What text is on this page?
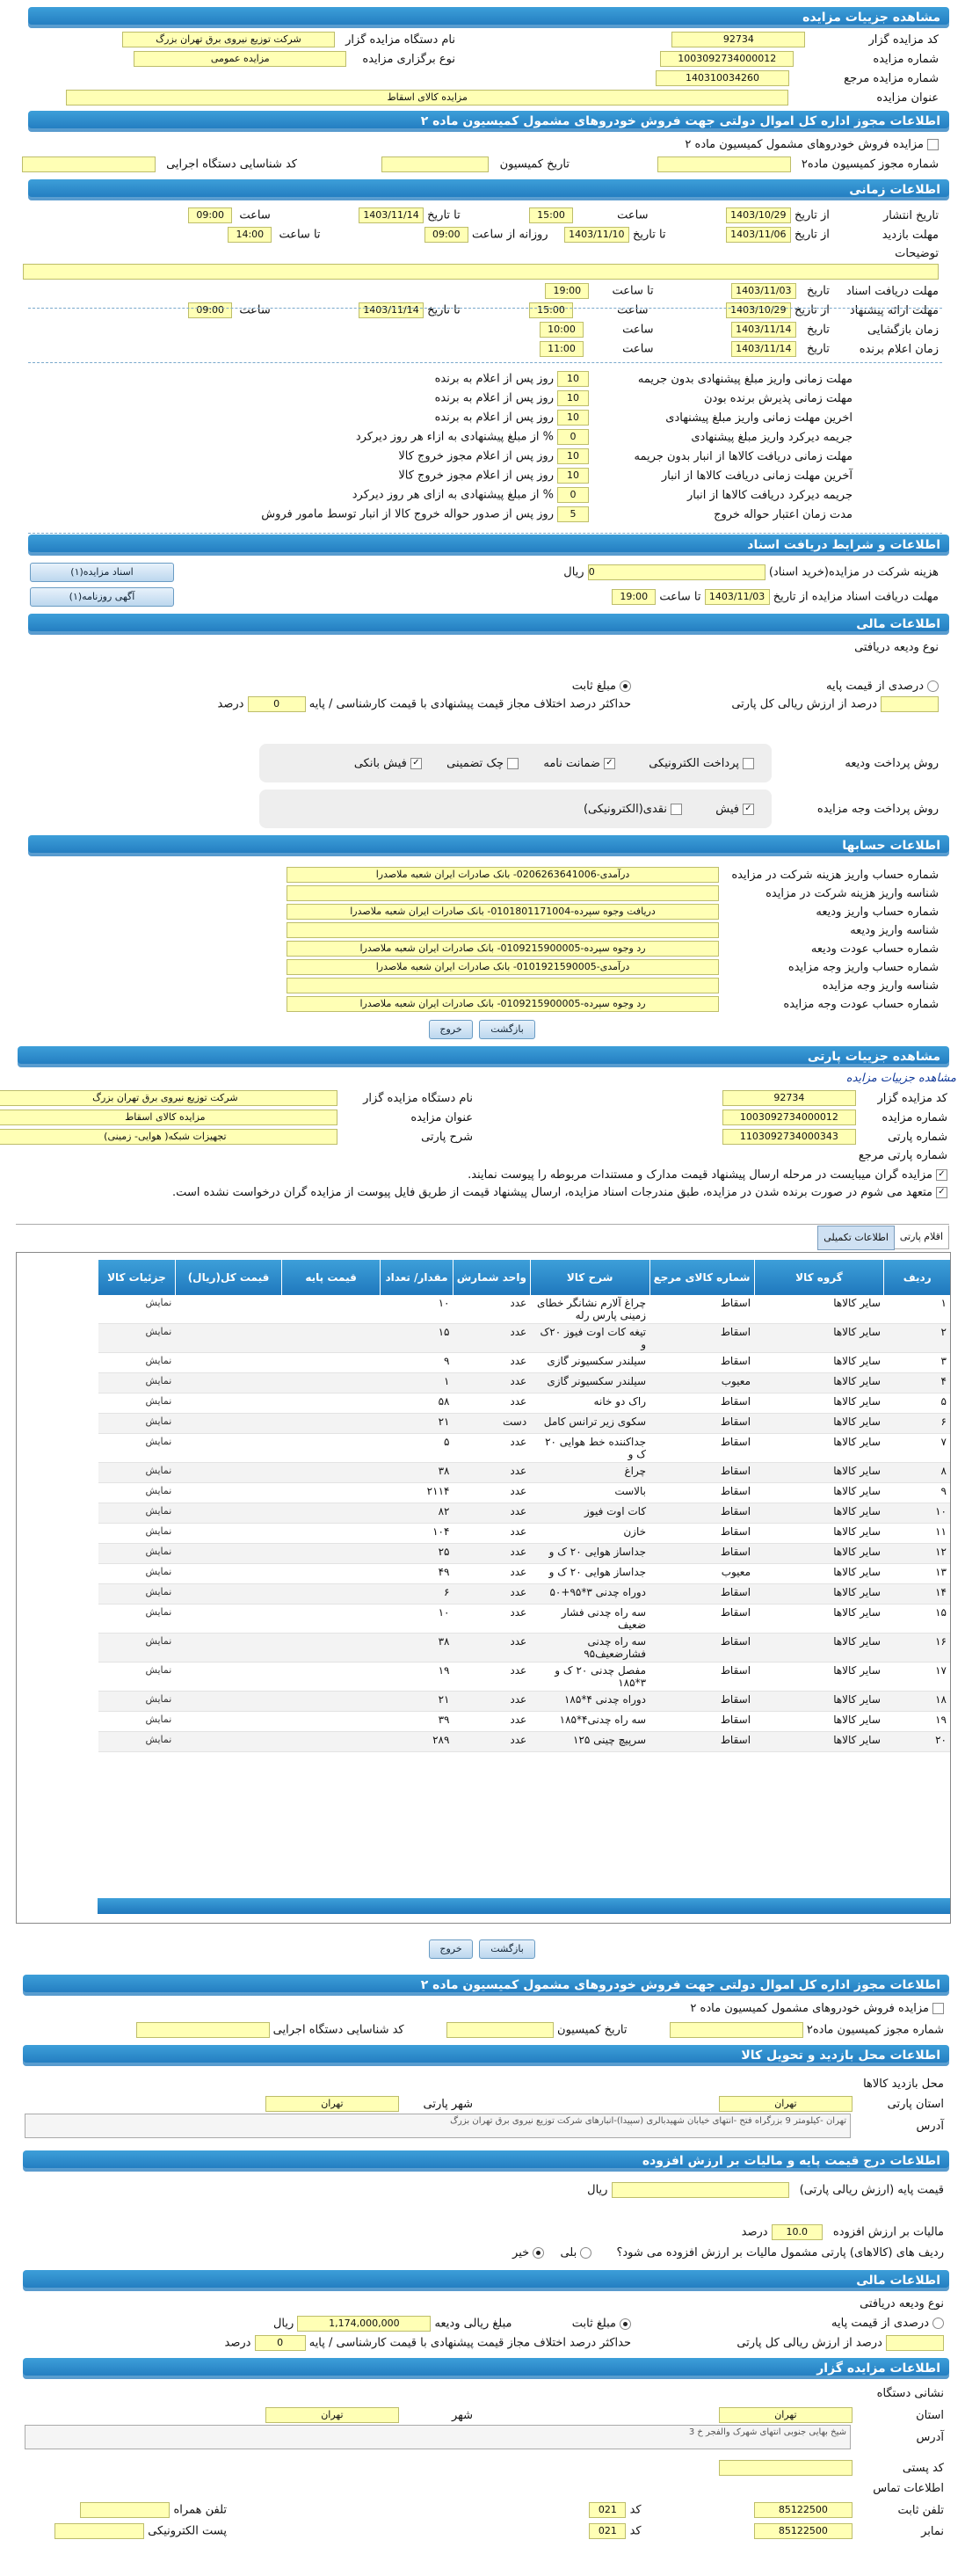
مشاهده جزییات مزایده
کد مزایده گزار 92734
نام دستگاه مزایده گزار شرکت توزیع نیروی برق تهران بزرگ
شماره مزایده 1003092734000012
نوع برگزاری مزایده مزایده عمومی
شماره مزایده مرجع 140310034260
عنوان مزایده مزایده کالای اسقاط
اطلاعات مجوز اداره کل اموال دولتی جهت فروش خودروهای مشمول کمیسیون ماده ۲
مزایده فروش خودروهای مشمول کمیسیون ماده ۲
شماره مجوز کمیسیون ماده۲
تاریخ کمیسیون
کد شناسایی دستگاه اجرایی
اطلاعات زمانی
تاریخ انتشار از تاریخ 1403/10/29  ساعت 15:00  تا تاریخ 1403/11/14  ساعت 09:00
مهلت بازدید از تاریخ 1403/11/06  تا تاریخ 1403/11/10  روزانه از ساعت 09:00  تا ساعت 14:00
توضیحات
مهلت دریافت اسناد تاریخ 1403/11/03  تا ساعت 19:00
مهلت ارائه پیشنهاد از تاریخ 1403/10/29  ساعت 15:00  تا تاریخ 1403/11/14  ساعت 09:00
زمان بازگشایی تاریخ 1403/11/14  ساعت 10:00
زمان اعلام برنده تاریخ 1403/11/14  ساعت 11:00
مهلت زمانی واریز مبلغ پیشنهادی بدون جریمه10روز پس از اعلام به برنده
مهلت زمانی پذیرش برنده بودن10روز پس از اعلام به برنده
اخرین مهلت زمانی واریز مبلغ پیشنهادی10روز پس از اعلام به برنده
جریمه دیرکرد واریز مبلغ پیشنهادی0% از مبلغ پیشنهادی به ازاء هر روز دیرکرد
مهلت زمانی دریافت کالاها از انبار بدون جریمه10روز پس از اعلام مجوز خروج کالا
آخرین مهلت زمانی دریافت کالاها از انبار10روز پس از اعلام مجوز خروج کالا
جریمه دیرکرد دریافت کالاها از انبار0% از مبلغ پیشنهادی به ازای هر روز دیرکرد
مدت زمان اعتبار حواله خروج5روز پس از صدور حواله خروج کالا از انبار توسط مامور فروش
اطلاعات و شرایط دریافت اسناد
هزینه شرکت در مزایده(خرید اسناد) 0 ریال
مهلت دریافت اسناد مزایده از تاریخ 1403/11/03 تا ساعت 19:00
اسناد مزایده(۱)
آگهی روزنامه(۱)
اطلاعات مالی
نوع ودیعه دریافتی
درصدی از قیمت پایه
درصد از ارزش ریالی کل پارتی
مبلغ ثابت
حداکثر درصد اختلاف مجاز قیمت پیشنهادی با قیمت کارشناسی / پایه 0 درصد
روش پرداخت ودیعه
پرداخت الکترونیکی  ✓ضمانت نامه  چک تضمینی  ✓فیش بانکی
روش پرداخت وجه مزایده
✓فیش  نقدی(الکترونیکی)
اطلاعات حسابها
شماره حساب واریز هزینه شرکت در مزایدهدرآمدی-0206263641006- بانک صادرات ایران شعبه ملاصدرا
شناسه واریز هزینه شرکت در مزایده
شماره حساب واریز ودیعهدریافت وجوه سپرده-0101801171004- بانک صادرات ایران شعبه ملاصدرا
شناسه واریز ودیعه
شماره حساب عودت ودیعهرد وجوه سپرده-0109215900005- بانک صادرات ایران شعبه ملاصدرا
شماره حساب واریز وجه مزایدهدرآمدی-0101921590005- بانک صادرات ایران شعبه ملاصدرا
شناسه واریز وجه مزایده
شماره حساب عودت وجه مزایدهرد وجوه سپرده-0109215900005- بانک صادرات ایران شعبه ملاصدرا
بازگشت
خروج
مشاهده جزییات پارتی
مشاهده جزییات مزایده
کد مزایده گزار 92734
نام دستگاه مزایده گزار شرکت توزیع نیروی برق تهران بزرگ
شماره مزایده 1003092734000012
عنوان مزایده مزایده کالای اسقاط
شماره پارتی 1103092734000343
شرح پارتی تجهیزات شبکه( هوایی- زمینی)
شماره پارتی مرجع
✓مزایده گران میبایست در مرحله ارسال پیشنهاد قیمت مدارک و مستندات مربوطه را پیوست نمایند.
✓متعهد می شوم در صورت برنده شدن در مزایده، طبق مندرجات اسناد مزایده، ارسال پیشنهاد قیمت از طریق فایل پیوست از مزایده گران درخواست نشده است.
اقلام پارتی
اطلاعات تکمیلی
ردیف	گروه کالا	شماره کالای مرجع	شرح کالا	واحد شمارش	مقدار/ تعداد	قیمت پایه	قیمت کل(ریال)	جزئیات کالا
۱	سایر کالاها	اسقاط	چراغ آلارم نشانگر خطای زمینی پارس رله	عدد	۱۰			نمایش
۲	سایر کالاها	اسقاط	تیغه کات اوت فیوز ۲۰ک و	عدد	۱۵			نمایش
۳	سایر کالاها	اسقاط	سیلندر سکسیونر گازی	عدد	۹			نمایش
۴	سایر کالاها	معیوب	سیلندر سکسیونر گازی	عدد	۱			نمایش
۵	سایر کالاها	اسقاط	راک دو خانه	عدد	۵۸			نمایش
۶	سایر کالاها	اسقاط	سکوی زیر ترانس کامل	دست	۲۱			نمایش
۷	سایر کالاها	اسقاط	جداکننده خط هوایی ۲۰ ک و	عدد	۵			نمایش
۸	سایر کالاها	اسقاط	چراغ	عدد	۳۸			نمایش
۹	سایر کالاها	اسقاط	بالاست	عدد	۲۱۱۴			نمایش
۱۰	سایر کالاها	اسقاط	کات اوت فیوز	عدد	۸۲			نمایش
۱۱	سایر کالاها	اسقاط	خازن	عدد	۱۰۴			نمایش
۱۲	سایر کالاها	اسقاط	جداساز هوایی ۲۰ ک و	عدد	۲۵			نمایش
۱۳	سایر کالاها	معیوب	جداساز هوایی ۲۰ ک و	عدد	۴۹			نمایش
۱۴	سایر کالاها	اسقاط	دوراه چدنی ۳*۹۵+۵۰	عدد	۶			نمایش
۱۵	سایر کالاها	اسقاط	سه راه چدنی فشار ضعیف	عدد	۱۰			نمایش
۱۶	سایر کالاها	اسقاط	سه راه چدنی فشارضعیف۹۵	عدد	۳۸			نمایش
۱۷	سایر کالاها	اسقاط	مفصل چدنی ۲۰ ک و ۳*۱۸۵	عدد	۱۹			نمایش
۱۸	سایر کالاها	اسقاط	دوراه چدنی ۴*۱۸۵	عدد	۲۱			نمایش
۱۹	سایر کالاها	اسقاط	سه راه چدنی۴*۱۸۵	عدد	۳۹			نمایش
۲۰	سایر کالاها	اسقاط	سرپیچ چینی ۱۲۵	عدد	۲۸۹			نمایش
بازگشت
خروج
اطلاعات مجوز اداره کل اموال دولتی جهت فروش خودروهای مشمول کمیسیون ماده ۲
مزایده فروش خودروهای مشمول کمیسیون ماده ۲
شماره مجوز کمیسیون ماده۲   تاریخ کمیسیون   کد شناسایی دستگاه اجرایی
اطلاعات محل بازدید و تحویل کالا
محل بازدید کالاها
استان پارتی تهران
شهر پارتی تهران
آدرس
تهران -کیلومتر 9 بزرگراه فتح -انتهای خیابان شهیدبالری (سپیدا)-انبارهای شرکت توزیع نیروی برق تهران بزرگ
اطلاعات درج قیمت پایه و مالیات بر ارزش افزوده
قیمت پایه (ارزش ریالی پارتی)  ریال
مالیات بر ارزش افزوده 10.0 درصد
ردیف های (کالاهای) پارتی مشمول مالیات بر ارزش افزوده می شود؟  بلی  خیر
اطلاعات مالی
نوع ودیعه دریافتی
درصدی از قیمت پایه
مبلغ ثابت  مبلغ ریالی ودیعه 1,174,000,000 ریال
درصد از ارزش ریالی کل پارتی
حداکثر درصد اختلاف مجاز قیمت پیشنهادی با قیمت کارشناسی / پایه 0 درصد
اطلاعات مزایده گزار
نشانی دستگاه
استان تهران
شهر تهران
آدرس
شیخ بهایی جنوبی انتهای شهرک والفجر خ 3
کد پستی
اطلاعات تماس
تلفن ثابت 85122500  کد 021
تلفن همراه
نمابر 85122500  کد 021
پست الکترونیکی
